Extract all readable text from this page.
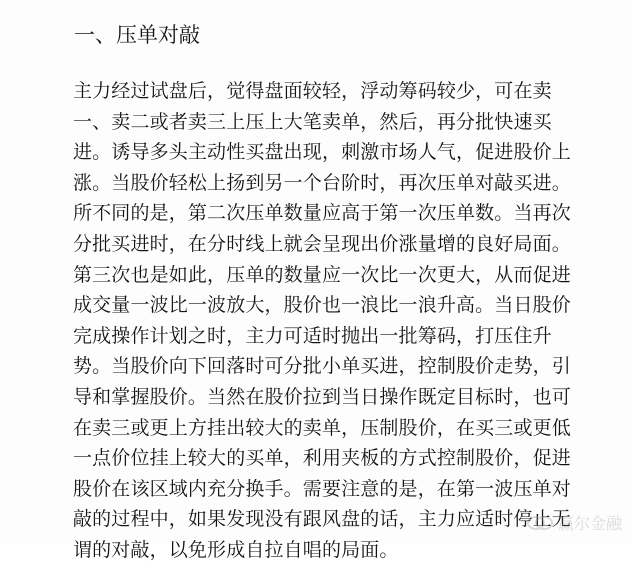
一、压单对敲
主力经过试盘后，觉得盘面较轻，浮动筹码较少，可在卖
一、卖二或者卖三上压上大笔卖单，然后，再分批快速买
进。诱导多头主动性买盘出现，刺激市场人气，促进股价上
涨。当股价轻松上扬到另一个台阶时，再次压单对敲买进。
所不同的是，第二次压单数量应高于第一次压单数。当再次
分批买进时，在分时线上就会呈现出价涨量增的良好局面。
第三次也是如此，压单的数量应一次比一次更大，从而促进
成交量一波比一波放大，股价也一浪比一浪升高。当日股价
完成操作计划之时，主力可适时抛出一批筹码，打压住升
势。当股价向下回落时可分批小单买进，控制股价走势，引
导和掌握股价。当然在股价拉到当日操作既定目标时，也可
在卖三或更上方挂出较大的卖单，压制股价，在买三或更低
一点价位挂上较大的买单，利用夹板的方式控制股价，促进
股价在该区域内充分换手。需要注意的是，在第一波压单对
敲的过程中，如果发现没有跟风盘的话，主力应适时停止无
谓的对敲，以免形成自拉自唱的局面。
赢尔金融
